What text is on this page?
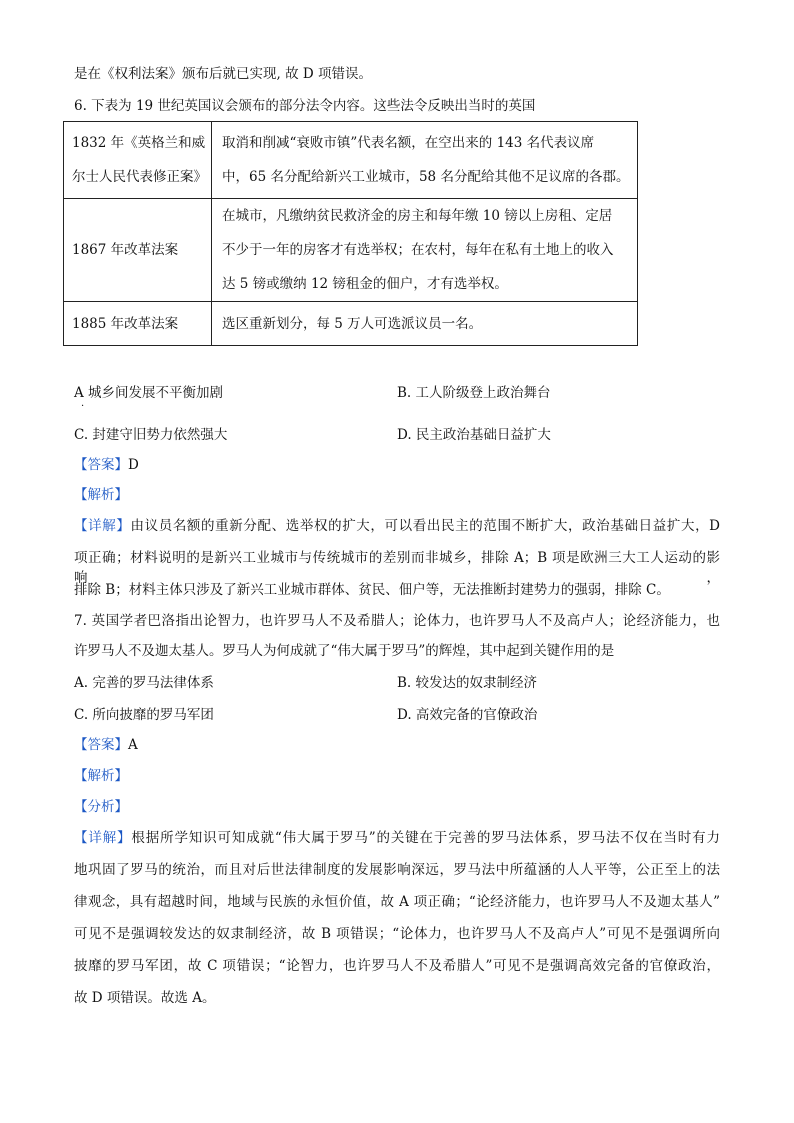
是在《权利法案》颁布后就已实现, 故 D 项错误。
6. 下表为 19 世纪英国议会颁布的部分法令内容。这些法令反映出当时的英国
1832 年《英格兰和威
尔士人民代表修正案》	取消和削减“衰败市镇”代表名额，在空出来的 143 名代表议席
中，65 名分配给新兴工业城市，58 名分配给其他不足议席的各郡。

1867 年改革法案	在城市，凡缴纳贫民救济金的房主和每年缴 10 镑以上房租、定居
不少于一年的房客才有选举权；在农村，每年在私有土地上的收入
达 5 镑或缴纳 12 镑租金的佃户，才有选举权。

1885 年改革法案	选区重新划分，每 5 万人可选派议员一名。
A 城乡间发展不平衡加剧
·
B. 工人阶级登上政治舞台
C. 封建守旧势力依然强大	D. 民主政治基础日益扩大
【答案】D
【解析】
【详解】由议员名额的重新分配、选举权的扩大，可以看出民主的范围不断扩大，政治基础日益扩大，D
项正确；材料说明的是新兴工业城市与传统城市的差别而非城乡，排除 A；B 项是欧洲三大工人运动的影响，
排除 B；材料主体只涉及了新兴工业城市群体、贫民、佃户等，无法推断封建势力的强弱，排除 C。
7. 英国学者巴洛指出论智力，也许罗马人不及希腊人；论体力，也许罗马人不及高卢人；论经济能力，也
许罗马人不及迦太基人。罗马人为何成就了“伟大属于罗马”的辉煌，其中起到关键作用的是
A. 完善的罗马法律体系	B. 较发达的奴隶制经济
C. 所向披靡的罗马军团	D. 高效完备的官僚政治
【答案】A
【解析】
【分析】
【详解】根据所学知识可知成就“伟大属于罗马”的关键在于完善的罗马法体系，罗马法不仅在当时有力
地巩固了罗马的统治，而且对后世法律制度的发展影响深远，罗马法中所蕴涵的人人平等，公正至上的法
律观念，具有超越时间，地域与民族的永恒价值，故 A 项正确；“论经济能力，也许罗马人不及迦太基人”
可见不是强调较发达的奴隶制经济，故 B 项错误；“论体力，也许罗马人不及高卢人”可见不是强调所向
披靡的罗马军团，故 C 项错误；“论智力，也许罗马人不及希腊人”可见不是强调高效完备的官僚政治，
故 D 项错误。故选 A。
